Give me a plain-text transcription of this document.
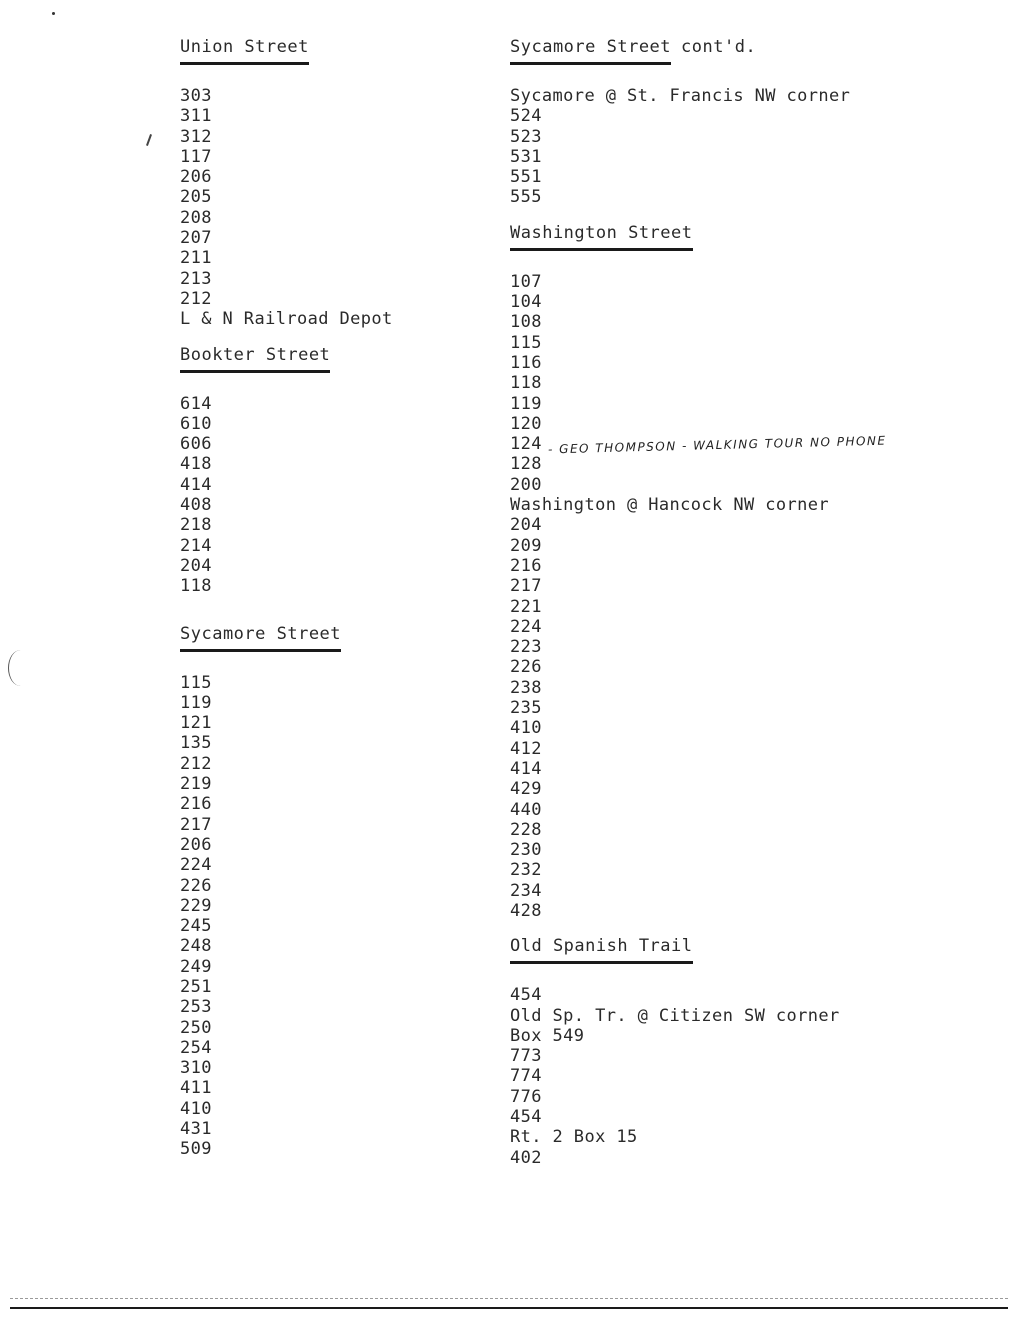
Union Street
303
311
312
117
206
205
208
207
211
213
212
L & N Railroad Depot
Bookter Street
614
610
606
418
414
408
218
214
204
118
Sycamore Street
115
119
121
135
212
219
216
217
206
224
226
229
245
248
249
251
253
250
254
310
411
410
431
509
Sycamore Street cont'd.
Sycamore @ St. Francis NW corner
524
523
531
551
555
Washington Street
107
104
108
115
116
118
119
120
124 - GEO THOMPSON - WALKING TOUR NO PHONE
128
200
Washington @ Hancock NW corner
204
209
216
217
221
224
223
226
238
235
410
412
414
429
440
228
230
232
234
428
Old Spanish Trail
454
Old Sp. Tr. @ Citizen SW corner
Box 549
773
774
776
454
Rt. 2 Box 15
402
